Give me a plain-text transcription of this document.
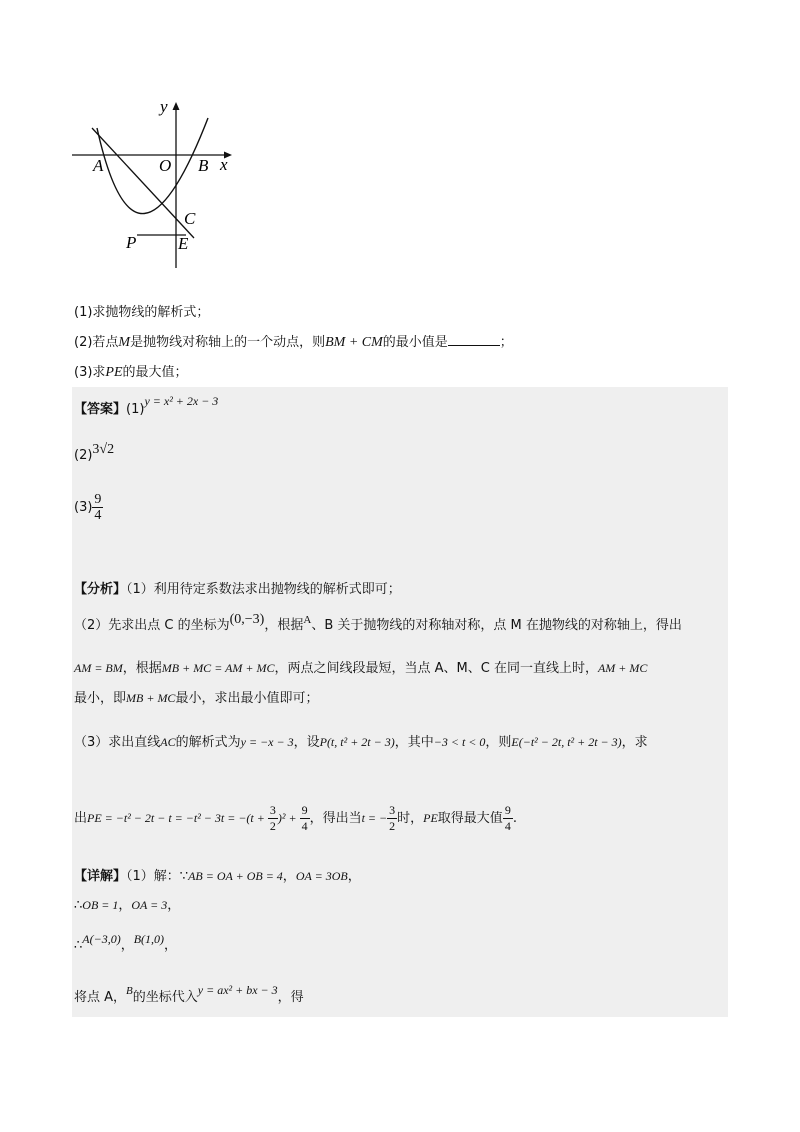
y
x
A	O B
C
P E
(1)求抛物线的解析式；
(2)若点M是抛物线对称轴上的一个动点，则BM + CM的最小值是	；
(3)求PE的最大值；
【答案】(1)y = x² + 2x − 3
(2)3√2
$(3) \frac{9}{4}$
【分析】（1）利用待定系数法求出抛物线的解析式即可；
（2）先求出点 C 的坐标为(0,−3)，根据$^A$、B 关于抛物线的对称轴对称，点 M 在抛物线的对称轴上，得出
AM = BM，根据MB + MC = AM + MC，两点之间线段最短，当点 A、M、C 在同一直线上时，AM + MC
最小，即MB + MC最小，求出最小值即可；
（3）求出直线AC的解析式为y = −x − 3，设P(t, t² + 2t − 3)，其中−3 < t < 0，则E(−t² − 2t, t² + 2t − 3)，求
出PE = $-t^2 - 2t - t = -t^2 - 3t = -(t + \frac{3}{2} )^2 + \frac{9}{4}$ ，得出当t = − $\frac{3}{2}$ 时，PE取得最大值 $\frac{9}{4}$ .
【详解】（1）解：∵AB = OA + OB = 4，OA = 3OB，
∴OB = 1，OA = 3，
∴A(−3,0)，B(1,0)，
将点 A，$^B$的坐标代入y = ax² + bx − 3，得
